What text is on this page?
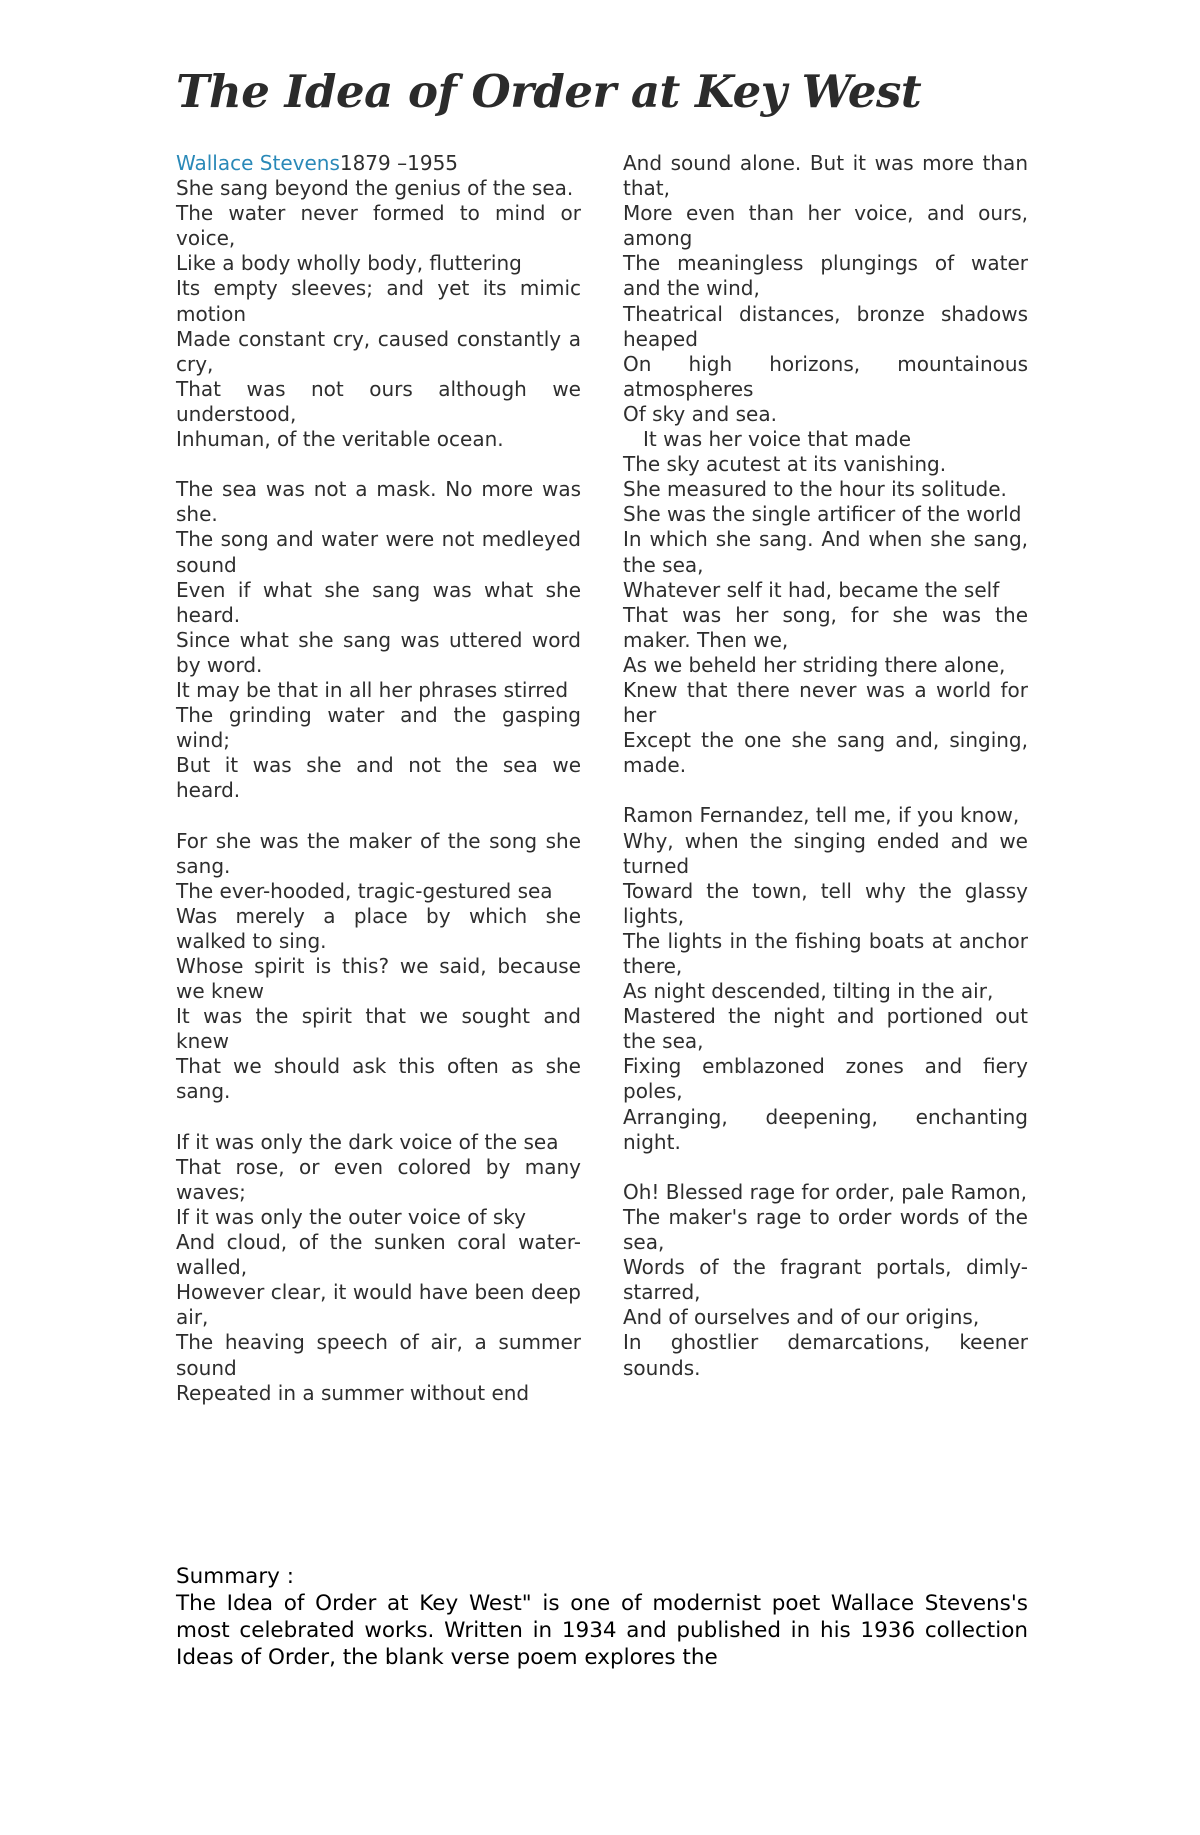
The Idea of Order at Key West
Wallace Stevens1879 –1955
She sang beyond the genius of the sea.
The water never formed to mind or voice,
Like a body wholly body, fluttering
Its empty sleeves; and yet its mimic motion
Made constant cry, caused constantly a cry,
That was not ours although we understood,
Inhuman, of the veritable ocean.
The sea was not a mask. No more was she.
The song and water were not medleyed sound
Even if what she sang was what she heard.
Since what she sang was uttered word by word.
It may be that in all her phrases stirred
The grinding water and the gasping wind;
But it was she and not the sea we heard.
For she was the maker of the song she sang.
The ever-hooded, tragic-gestured sea
Was merely a place by which she walked to sing.
Whose spirit is this? we said, because we knew
It was the spirit that we sought and knew
That we should ask this often as she sang.
If it was only the dark voice of the sea
That rose, or even colored by many waves;
If it was only the outer voice of sky
And cloud, of the sunken coral water-walled,
However clear, it would have been deep air,
The heaving speech of air, a summer sound
Repeated in a summer without end
And sound alone. But it was more than that,
More even than her voice, and ours, among
The meaningless plungings of water and the wind,
Theatrical distances, bronze shadows heaped
On high horizons, mountainous atmospheres
Of sky and sea.
It was her voice that made
The sky acutest at its vanishing.
She measured to the hour its solitude.
She was the single artificer of the world
In which she sang. And when she sang, the sea,
Whatever self it had, became the self
That was her song, for she was the maker. Then we,
As we beheld her striding there alone,
Knew that there never was a world for her
Except the one she sang and, singing, made.
Ramon Fernandez, tell me, if you know,
Why, when the singing ended and we turned
Toward the town, tell why the glassy lights,
The lights in the fishing boats at anchor there,
As night descended, tilting in the air,
Mastered the night and portioned out the sea,
Fixing emblazoned zones and fiery poles,
Arranging, deepening, enchanting night.
Oh! Blessed rage for order, pale Ramon,
The maker's rage to order words of the sea,
Words of the fragrant portals, dimly-starred,
And of ourselves and of our origins,
In ghostlier demarcations, keener sounds.
Summary :
The Idea of Order at Key West" is one of modernist poet Wallace Stevens's most celebrated works. Written in 1934 and published in his 1936 collection Ideas of Order, the blank verse poem explores the
